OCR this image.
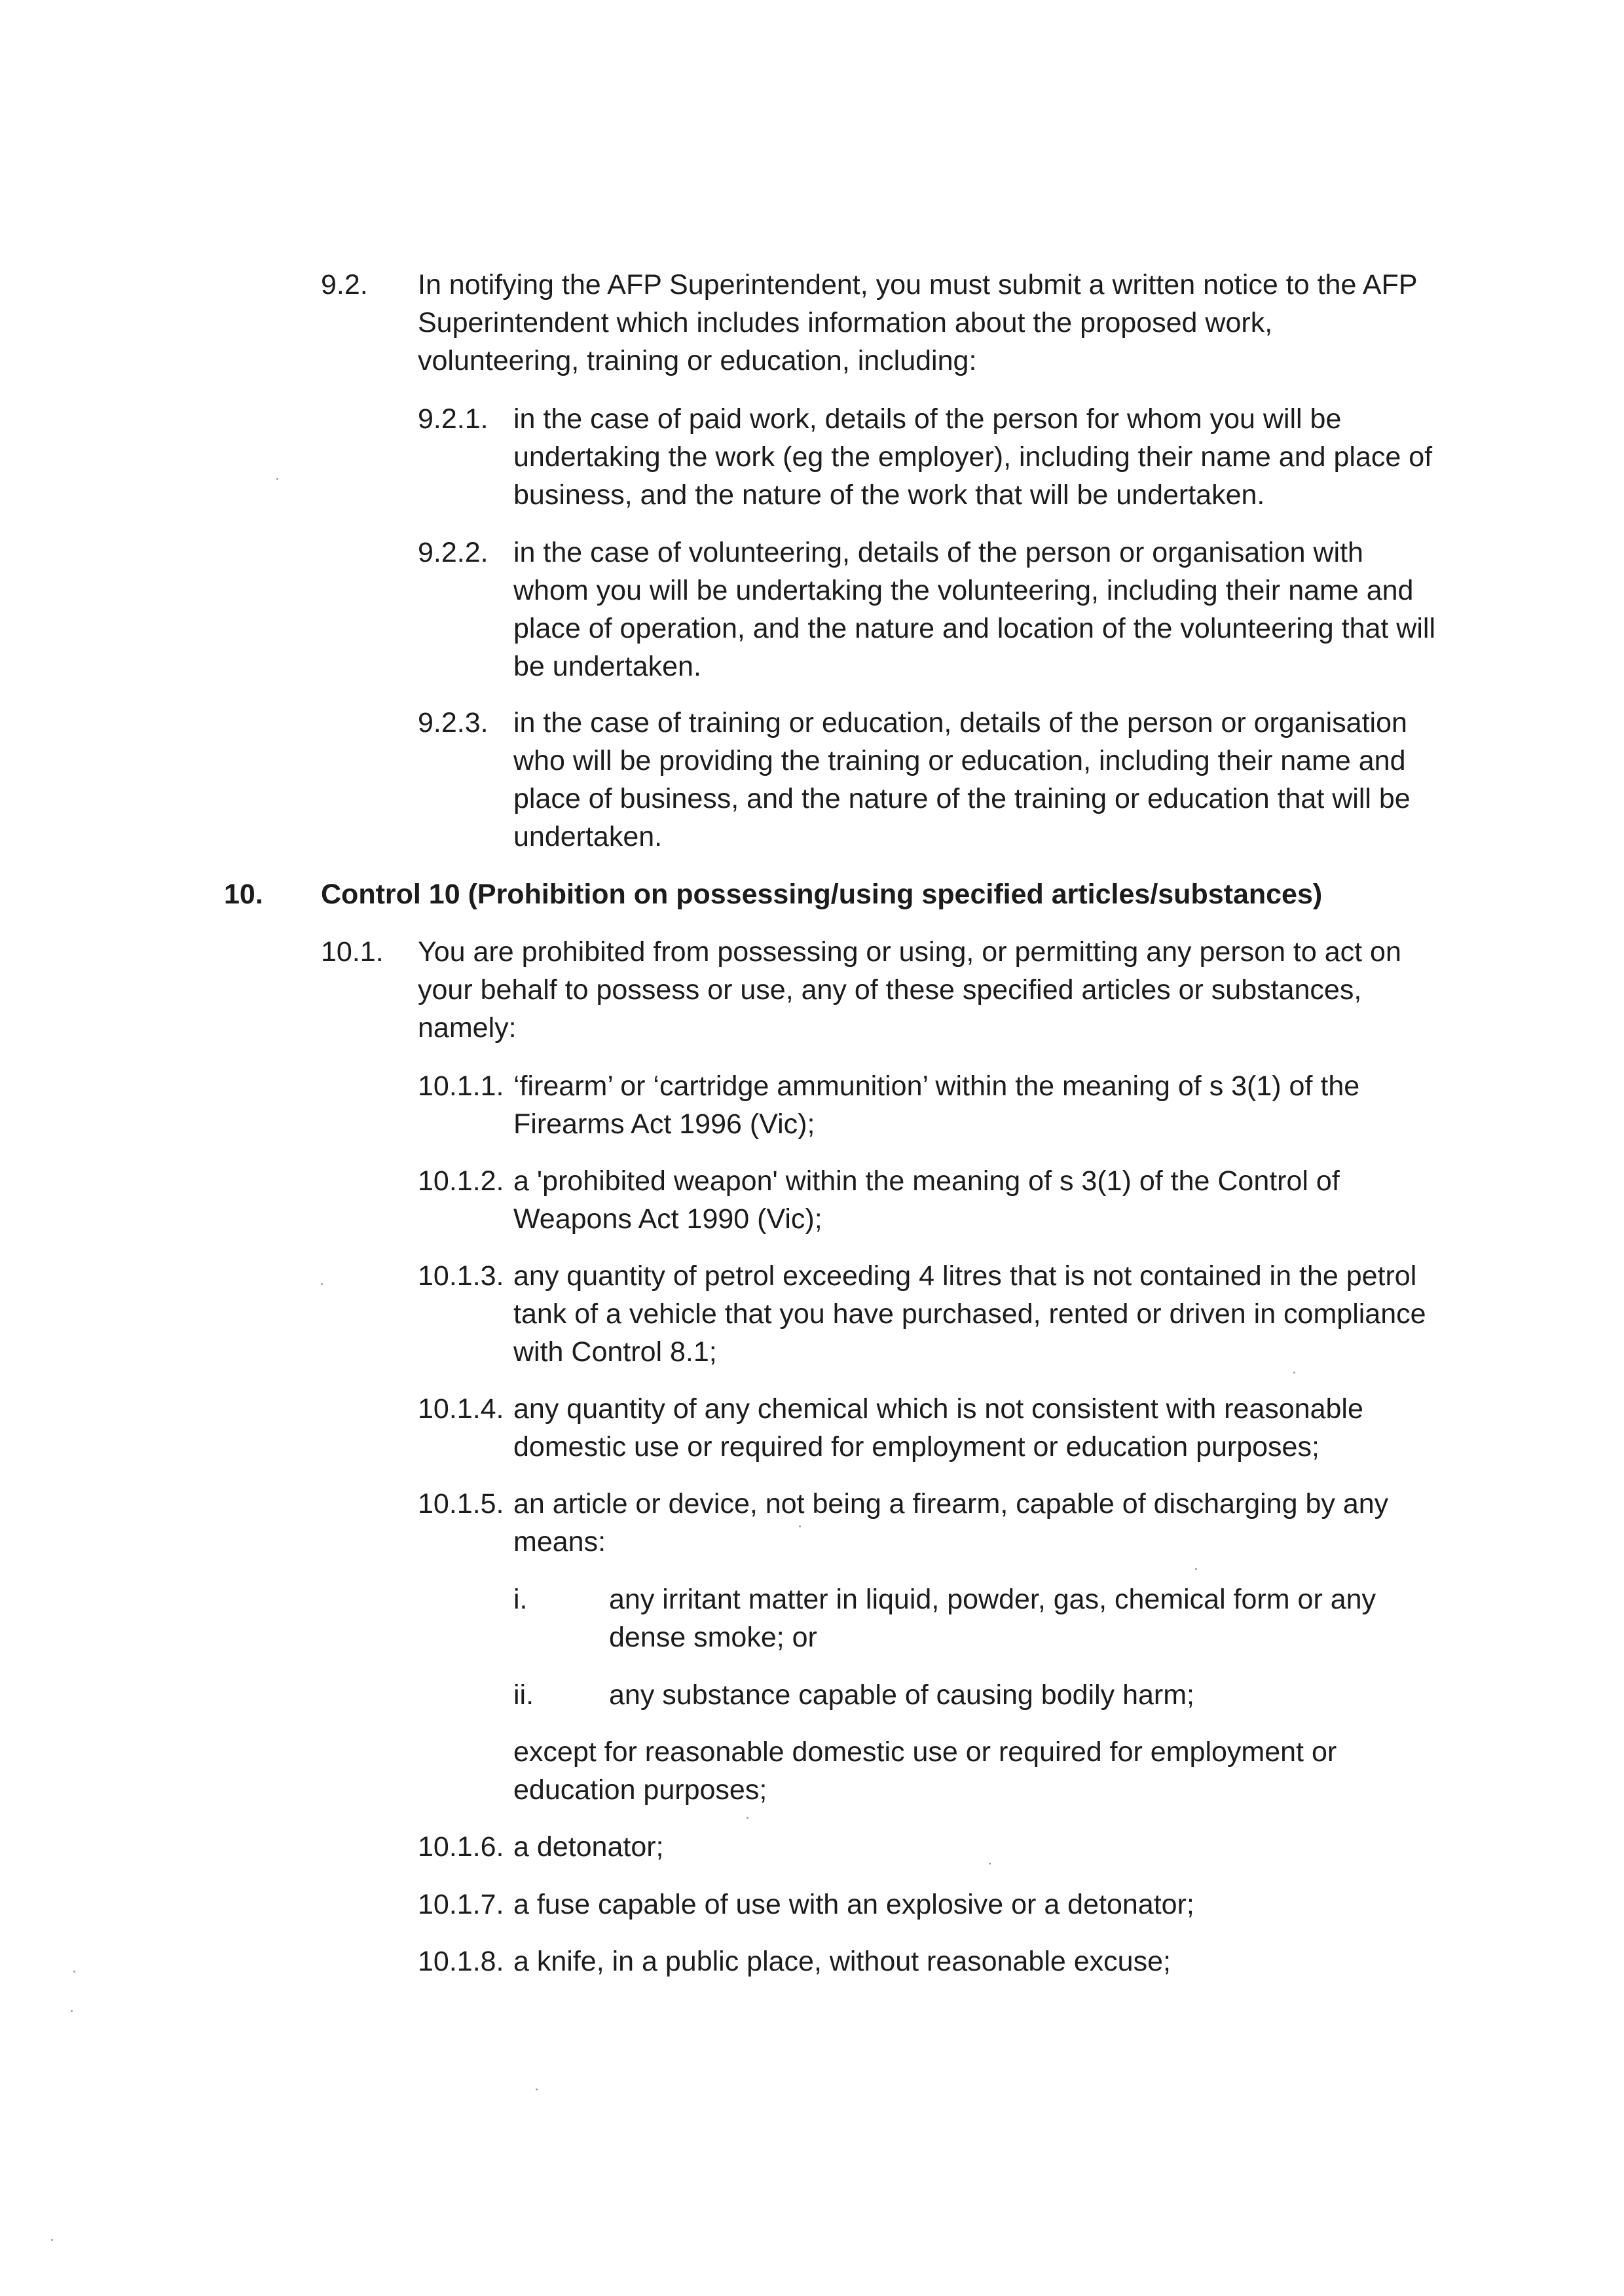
9.2. In notifying the AFP Superintendent, you must submit a written notice to the AFP Superintendent which includes information about the proposed work, volunteering, training or education, including:
9.2.1. in the case of paid work, details of the person for whom you will be undertaking the work (eg the employer), including their name and place of business, and the nature of the work that will be undertaken.
9.2.2. in the case of volunteering, details of the person or organisation with whom you will be undertaking the volunteering, including their name and place of operation, and the nature and location of the volunteering that will be undertaken.
9.2.3. in the case of training or education, details of the person or organisation who will be providing the training or education, including their name and place of business, and the nature of the training or education that will be undertaken.
10. Control 10 (Prohibition on possessing/using specified articles/substances)
10.1. You are prohibited from possessing or using, or permitting any person to act on your behalf to possess or use, any of these specified articles or substances, namely:
10.1.1. ‘firearm’ or ‘cartridge ammunition’ within the meaning of s 3(1) of the Firearms Act 1996 (Vic);
10.1.2. a 'prohibited weapon' within the meaning of s 3(1) of the Control of Weapons Act 1990 (Vic);
10.1.3. any quantity of petrol exceeding 4 litres that is not contained in the petrol tank of a vehicle that you have purchased, rented or driven in compliance with Control 8.1;
10.1.4. any quantity of any chemical which is not consistent with reasonable domestic use or required for employment or education purposes;
10.1.5. an article or device, not being a firearm, capable of discharging by any means:
i.	any irritant matter in liquid, powder, gas, chemical form or any dense smoke; or
ii.	any substance capable of causing bodily harm;
except for reasonable domestic use or required for employment or education purposes;
10.1.6. a detonator;
10.1.7. a fuse capable of use with an explosive or a detonator;
10.1.8. a knife, in a public place, without reasonable excuse;
